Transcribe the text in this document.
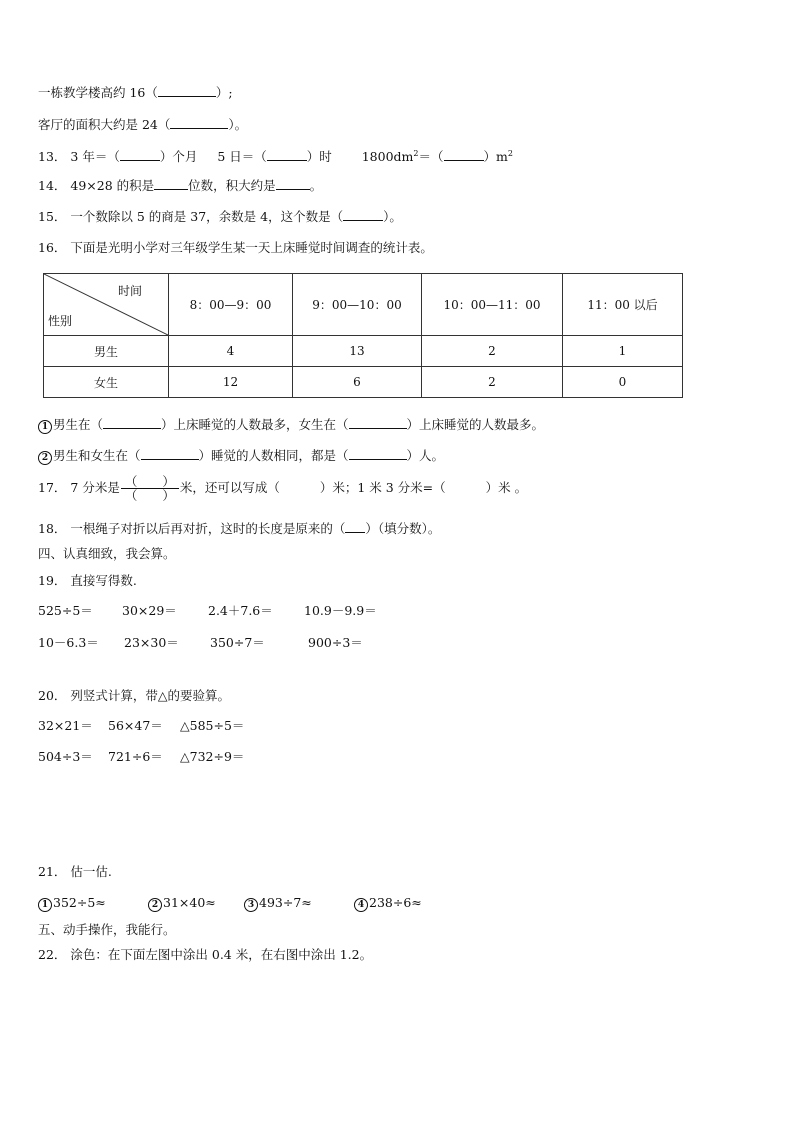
一栋教学楼高约 16（	）;
客厅的面积大约是 24（	）。
13． 3 年＝（	）个月 5 日＝（	）时 $1800dm^2=$（	）$m^2$
14． 49×28 的积是	位数，积大约是	。
15． 一个数除以 5 的商是 37，余数是 4，这个数是（	）。
16． 下面是光明小学对三年级学生某一天上床睡觉时间调查的统计表。
时间
性别	8：00—9：00	9：00—10：00	10：00—11：00	11：00 以后
男生	4	13	2	1
女生	12	6	2	0
1 男生在（	）上床睡觉的人数最多，女生在（	）上床睡觉的人数最多。
2 男生和女生在（	）睡觉的人数相同，都是（	）人。
17． 7 分米是 $\frac{( )}{( )}$ 米，还可以写成（	）米；1 米 3 分米=（	）米 。
18． 一根绳子对折以后再对折，这时的长度是原来的（ ）（填分数）。
四、认真细致，我会算。
19． 直接写得数.
525÷5＝ 30×29＝ 2.4＋7.6＝ 10.9－9.9＝
10－6.3＝ 23×30＝ 350÷7＝	900÷3＝
20． 列竖式计算，带△的要验算。
32×21＝ 56×47＝ △585÷5＝
504÷3＝ 721÷6＝ △732÷9＝
21． 估一估.
1 352÷5≈	2 31×40≈	3 493÷7≈	4 238÷6≈
五、动手操作，我能行。
22． 涂色：在下面左图中涂出 0.4 米，在右图中涂出 1.2。
